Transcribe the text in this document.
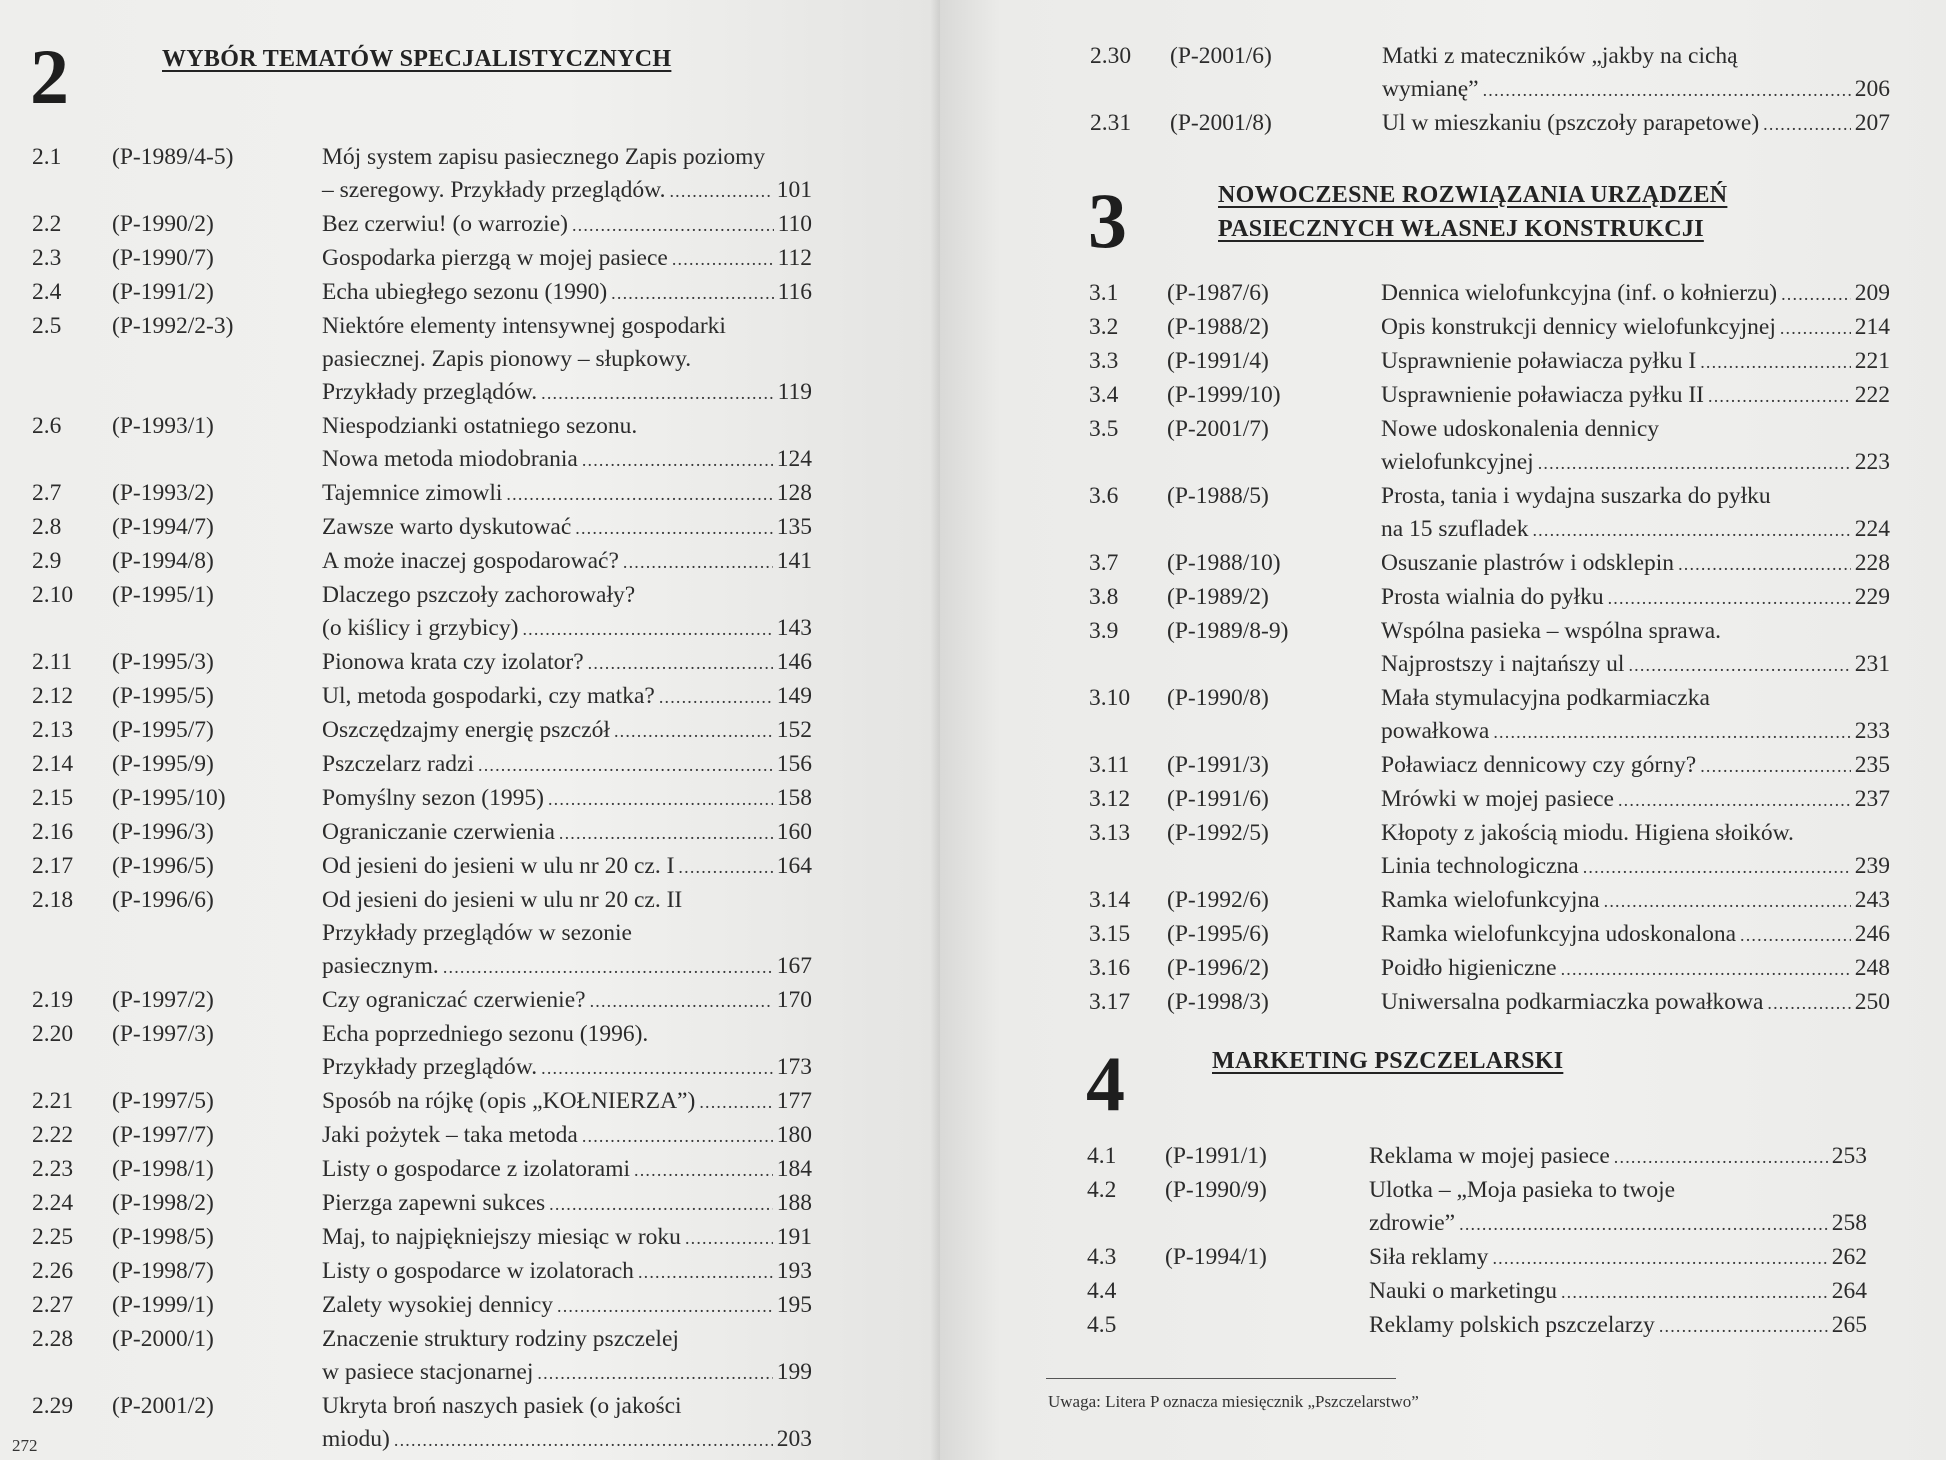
2	WYBÓR TEMATÓW SPECJALISTYCZNYCH
2.1 (P-1989/4-5)	Mój system zapisu pasiecznego Zapis poziomy
– szeregowy. Przykłady przeglądów. .....	101
2.2 (P-1990/2)	Bez czerwiu! (o warrozie) .....	110
2.3 (P-1990/7)	Gospodarka pierzgą w mojej pasiece .....	112
2.4 (P-1991/2)	Echa ubiegłego sezonu (1990) .....	116
2.5 (P-1992/2-3)	Niektóre elementy intensywnej gospodarki
pasiecznej. Zapis pionowy – słupkowy.
Przykłady przeglądów. .....	119
2.6 (P-1993/1)	Niespodzianki ostatniego sezonu.
Nowa metoda miodobrania .....	124
2.7 (P-1993/2)	Tajemnice zimowli .....	128
2.8 (P-1994/7)	Zawsze warto dyskutować .....	135
2.9 (P-1994/8)	A może inaczej gospodarować? .....	141
2.10 (P-1995/1)	Dlaczego pszczoły zachorowały?
(o kiślicy i grzybicy) .....	143
2.11 (P-1995/3)	Pionowa krata czy izolator? .....	146
2.12 (P-1995/5)	Ul, metoda gospodarki, czy matka? .....	149
2.13 (P-1995/7)	Oszczędzajmy energię pszczół .....	152
2.14 (P-1995/9)	Pszczelarz radzi .....	156
2.15 (P-1995/10)	Pomyślny sezon (1995) .....	158
2.16 (P-1996/3)	Ograniczanie czerwienia .....	160
2.17 (P-1996/5)	Od jesieni do jesieni w ulu nr 20 cz. I .....	164
2.18 (P-1996/6)	Od jesieni do jesieni w ulu nr 20 cz. II
Przykłady przeglądów w sezonie
pasiecznym. .....	167
2.19 (P-1997/2)	Czy ograniczać czerwienie? .....	170
2.20 (P-1997/3)	Echa poprzedniego sezonu (1996).
Przykłady przeglądów. .....	173
2.21 (P-1997/5)	Sposób na rójkę (opis „KOŁNIERZA”) .....	177
2.22 (P-1997/7)	Jaki pożytek – taka metoda .....	180
2.23 (P-1998/1)	Listy o gospodarce z izolatorami .....	184
2.24 (P-1998/2)	Pierzga zapewni sukces .....	188
2.25 (P-1998/5)	Maj, to najpiękniejszy miesiąc w roku .....	191
2.26 (P-1998/7)	Listy o gospodarce w izolatorach .....	193
2.27 (P-1999/1)	Zalety wysokiej dennicy .....	195
2.28 (P-2000/1)	Znaczenie struktury rodziny pszczelej
w pasiece stacjonarnej .....	199
2.29 (P-2001/2)	Ukryta broń naszych pasiek (o jakości
miodu) .....	203
272
2.30 (P-2001/6)	Matki z mateczników „jakby na cichą
wymianę” .....	206
2.31 (P-2001/8)	Ul w mieszkaniu (pszczoły parapetowe) .....	207
3	NOWOCZESNE ROZWIĄZANIA URZĄDZEŃ
PASIECZNYCH WŁASNEJ KONSTRUKCJI
3.1 (P-1987/6)	Dennica wielofunkcyjna (inf. o kołnierzu) .....	209
3.2 (P-1988/2)	Opis konstrukcji dennicy wielofunkcyjnej .....	214
3.3 (P-1991/4)	Usprawnienie poławiacza pyłku I .....	221
3.4 (P-1999/10)	Usprawnienie poławiacza pyłku II .....	222
3.5 (P-2001/7)	Nowe udoskonalenia dennicy
wielofunkcyjnej .....	223
3.6 (P-1988/5)	Prosta, tania i wydajna suszarka do pyłku
na 15 szufladek .....	224
3.7 (P-1988/10)	Osuszanie plastrów i odsklepin .....	228
3.8 (P-1989/2)	Prosta wialnia do pyłku .....	229
3.9 (P-1989/8-9)	Wspólna pasieka – wspólna sprawa.
Najprostszy i najtańszy ul .....	231
3.10 (P-1990/8)	Mała stymulacyjna podkarmiaczka
powałkowa .....	233
3.11 (P-1991/3)	Poławiacz dennicowy czy górny? .....	235
3.12 (P-1991/6)	Mrówki w mojej pasiece .....	237
3.13 (P-1992/5)	Kłopoty z jakością miodu. Higiena słoików.
Linia technologiczna .....	239
3.14 (P-1992/6)	Ramka wielofunkcyjna .....	243
3.15 (P-1995/6)	Ramka wielofunkcyjna udoskonalona .....	246
3.16 (P-1996/2)	Poidło higieniczne .....	248
3.17 (P-1998/3)	Uniwersalna podkarmiaczka powałkowa .....	250
4	MARKETING PSZCZELARSKI
4.1 (P-1991/1)	Reklama w mojej pasiece .....	253
4.2 (P-1990/9)	Ulotka – „Moja pasieka to twoje
zdrowie” .....	258
4.3 (P-1994/1)	Siła reklamy .....	262
4.4	Nauki o marketingu .....	264
4.5	Reklamy polskich pszczelarzy .....	265
Uwaga: Litera P oznacza miesięcznik „Pszczelarstwo”
